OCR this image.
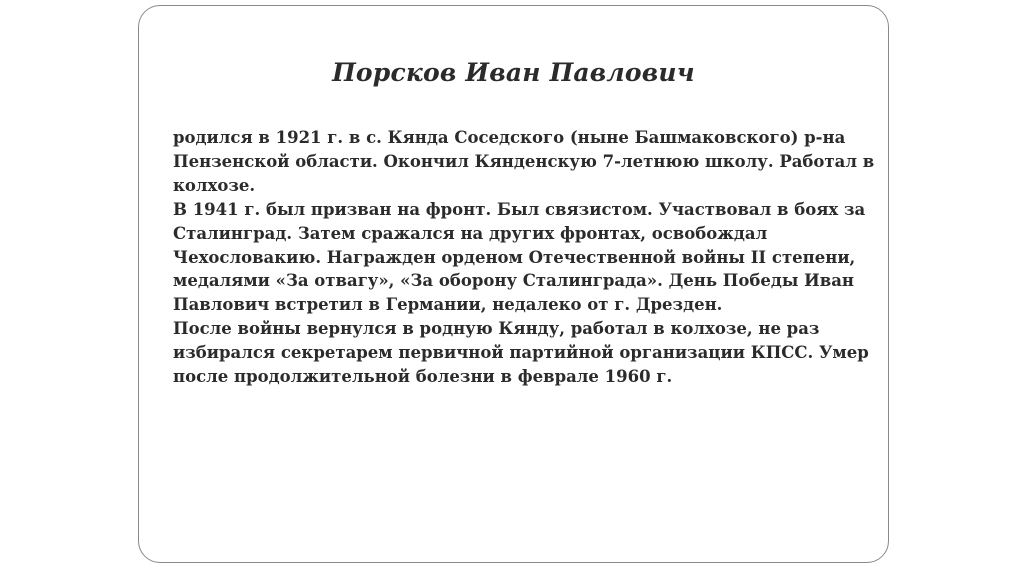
Порсков Иван Павлович
родился в 1921 г. в с. Кянда Соседского (ныне Башмаковского) р-на
Пензенской области. Окончил Кянденскую 7-летнюю школу. Работал в
колхозе.
В 1941 г. был призван на фронт. Был связистом. Участвовал в боях за
Сталинград. Затем сражался на других фронтах, освобождал
Чехословакию. Награжден орденом Отечественной войны II степени,
медалями «За отвагу», «За оборону Сталинграда». День Победы Иван
Павлович встретил в Германии, недалеко от г. Дрезден.
После войны вернулся в родную Кянду, работал в колхозе, не раз
избирался секретарем первичной партийной организации КПСС. Умер
после продолжительной болезни в феврале 1960 г.
